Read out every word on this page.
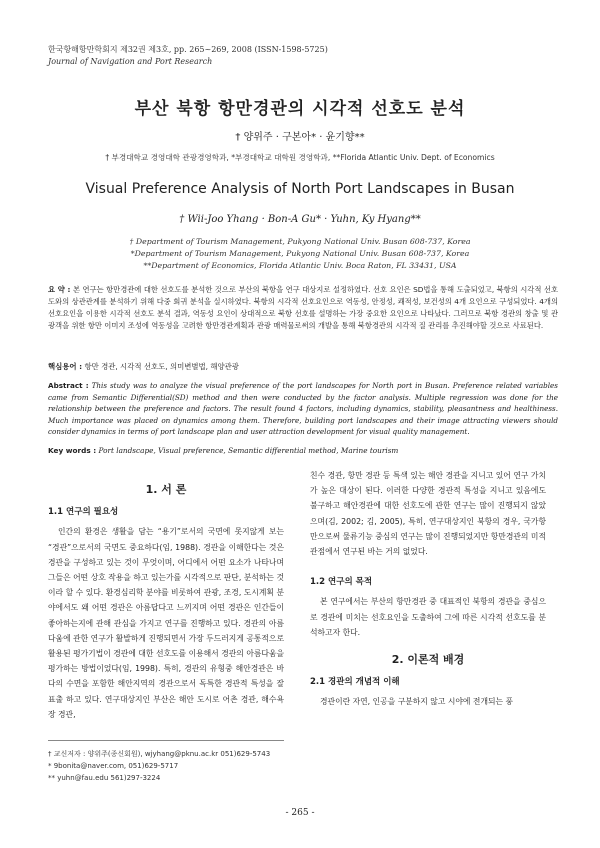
한국항해항만학회지 제32권 제3호, pp. 265~269, 2008 (ISSN-1598-5725)
Journal of Navigation and Port Research
부산 북항 항만경관의 시각적 선호도 분석
† 양위주 · 구본아* · 윤기향**
† 부경대학교 경영대학 관광경영학과, *부경대학교 대학원 경영학과, **Florida Atlantic Univ. Dept. of Economics
Visual Preference Analysis of North Port Landscapes in Busan
† Wii-Joo Yhang · Bon-A Gu* · Yuhn, Ky Hyang**
† Department of Tourism Management, Pukyong National Univ. Busan 608-737, Korea
*Department of Tourism Management, Pukyong National Univ. Busan 608-737, Korea
**Department of Economics, Florida Atlantic Univ. Boca Raton, FL 33431, USA
요 약 : 본 연구는 항만경관에 대한 선호도를 분석한 것으로 부산의 북항을 연구 대상지로 설정하였다. 선호 요인은 SD법을 통해 도출되었고, 북항의 시각적 선호도와의 상관관계를 분석하기 위해 다중 회귀 분석을 실시하였다. 북항의 시각적 선호요인으로 역동성, 안정성, 쾌적성, 보건성의 4개 요인으로 구성되었다. 4개의 선호요인을 이용한 시각적 선호도 분석 결과, 역동성 요인이 상대적으로 북항 선호를 설명하는 가장 중요한 요인으로 나타났다. 그러므로 북항 경관의 창출 및 관광객을 위한 항만 이미지 조성에 역동성을 고려한 항만경관계획과 관광 매력물로써의 개발을 통해 북항경관의 시각적 질 관리를 추진해야할 것으로 사료된다.
핵심용어 : 항만 경관, 시각적 선호도, 의미변별법, 해양관광
Abstract : This study was to analyze the visual preference of the port landscapes for North port in Busan. Preference related variables came from Semantic Differential(SD) method and then were conducted by the factor analysis. Multiple regression was done for the relationship between the preference and factors. The result found 4 factors, including dynamics, stability, pleasantness and healthiness. Much importance was placed on dynamics among them. Therefore, building port landscapes and their image attracting viewers should consider dynamics in terms of port landscape plan and user attraction development for visual quality management.
Key words : Port landscape, Visual preference, Semantic differential method, Marine tourism
1. 서 론
1.1 연구의 필요성

인간의 환경은 생활을 담는 “용기”로서의 국면에 못지않게 보는 “경관”으로서의 국면도 중요하다(임, 1988). 경관을 이해한다는 것은 경관을 구성하고 있는 것이 무엇이며, 어디에서 어떤 요소가 나타나며 그들은 어떤 상호 작용을 하고 있는가를 시각적으로 판단, 분석하는 것이라 할 수 있다. 환경심리학 분야를 비롯하여 관광, 조경, 도시계획 분야에서도 왜 어떤 경관은 아름답다고 느끼지며 어떤 경관은 인간들이 좋아하는지에 관해 관심을 가지고 연구를 진행하고 있다. 경관의 아름다움에 관한 연구가 활발하게 진행되면서 가장 두드러지게 공통적으로 활용된 평가기법이 경관에 대한 선호도를 이용해서 경관의 아름다움을 평가하는 방법이었다(임, 1998). 특히, 경관의 유형중 해안경관은 바다의 수면을 포함한 해안지역의 경관으로서 독특한 경관적 특성을 잘 표출 하고 있다. 연구대상지인 부산은 해안 도시로 어촌 경관, 해수욕장 경관,

친수 경관, 항만 경관 등 특색 있는 해안 경관을 지니고 있어 연구 가치가 높은 대상이 된다. 이러한 다양한 경관적 특성을 지니고 있음에도 불구하고 해안경관에 대한 선호도에 관한 연구는 많이 진행되지 않았으며(김, 2002; 김, 2005), 특히, 연구대상지인 북항의 경우, 국가항만으로써 물류기능 중심의 연구는 많이 진행되었지만 항만경관의 미적 관점에서 연구된 바는 거의 없었다.

1.2 연구의 목적

본 연구에서는 부산의 항만경관 중 대표적인 북항의 경관을 중심으로 경관에 미치는 선호요인을 도출하여 그에 따른 시각적 선호도를 분석하고자 한다.

2. 이론적 배경
2.1 경관의 개념적 이해

경관이란 자연, 인공을 구분하지 않고 시야에 전개되는 풍

† 교신저자 : 양위주(종신회원), wjyhang@pknu.ac.kr 051)629-5743
* 9bonita@naver.com, 051)629-5717
** yuhn@fau.edu 561)297-3224
- 265 -
